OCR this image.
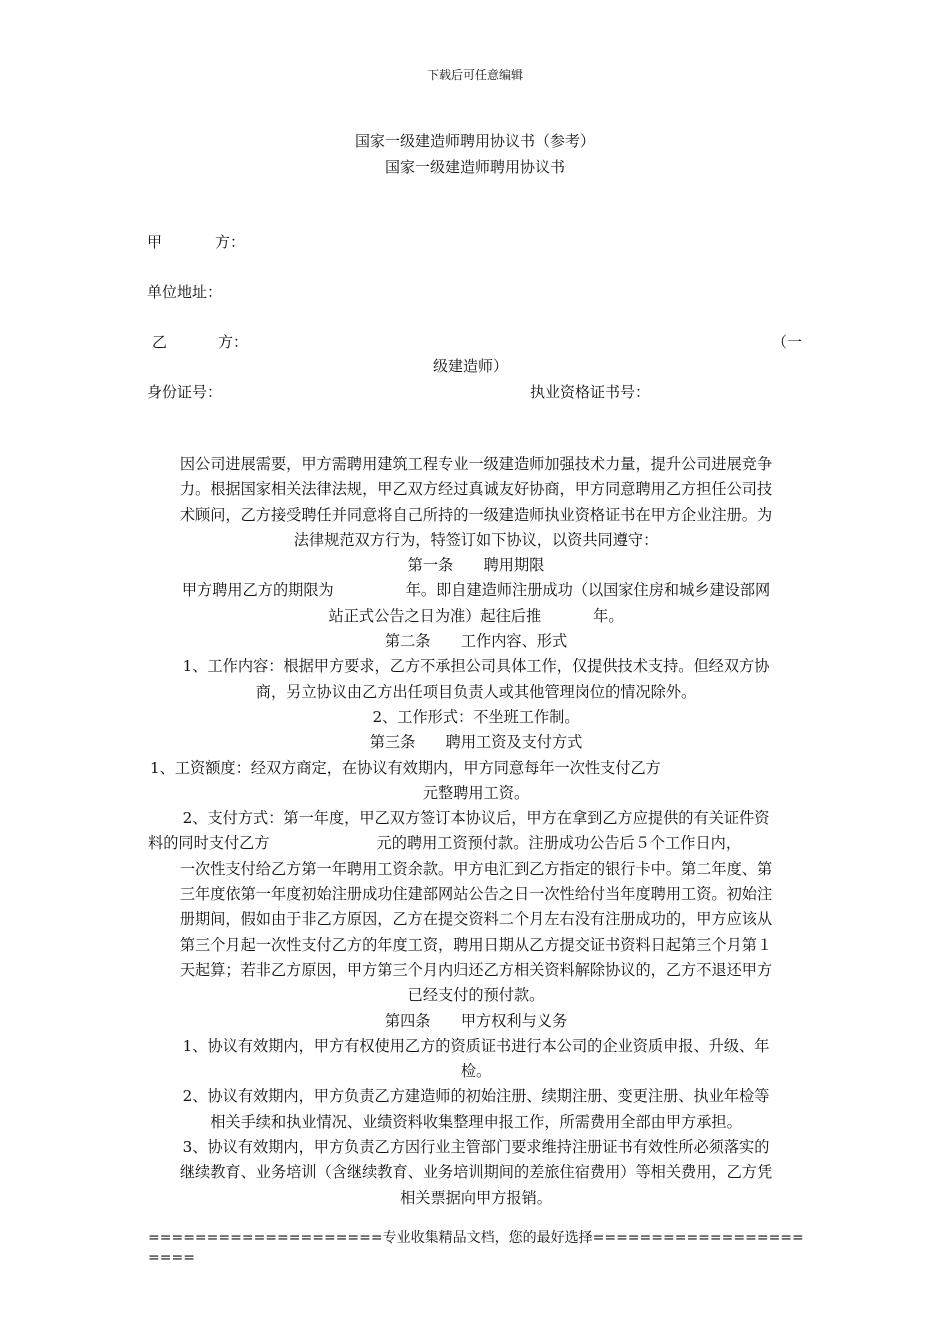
下载后可任意编辑
国家一级建造师聘用协议书（参考）
国家一级建造师聘用协议书
甲	方：
单位地址：
乙	方：	（一
级建造师）
身份证号：	执业资格证书号：

因公司进展需要，甲方需聘用建筑工程专业一级建造师加强技术力量，提升公司进展竞争

力。根据国家相关法律法规，甲乙双方经过真诚友好协商，甲方同意聘用乙方担任公司技

术顾问，乙方接受聘任并同意将自己所持的一级建造师执业资格证书在甲方企业注册。为

法律规范双方行为，特签订如下协议，以资共同遵守：

第一条　　聘用期限

甲方聘用乙方的期限为	年。即自建造师注册成功（以国家住房和城乡建设部网

站正式公告之日为准）起往后推	年。

第二条　　工作内容、形式

1、工作内容：根据甲方要求，乙方不承担公司具体工作，仅提供技术支持。但经双方协

商，另立协议由乙方出任项目负责人或其他管理岗位的情况除外。

2、工作形式：不坐班工作制。

第三条　　聘用工资及支付方式

1、工资额度：经双方商定，在协议有效期内，甲方同意每年一次性支付乙方

元整聘用工资。

2、支付方式：第一年度，甲乙双方签订本协议后，甲方在拿到乙方应提供的有关证件资

料的同时支付乙方	元的聘用工资预付款。注册成功公告后５个工作日内，

一次性支付给乙方第一年聘用工资余款。甲方电汇到乙方指定的银行卡中。第二年度、第

三年度依第一年度初始注册成功住建部网站公告之日一次性给付当年度聘用工资。初始注

册期间，假如由于非乙方原因，乙方在提交资料二个月左右没有注册成功的，甲方应该从

第三个月起一次性支付乙方的年度工资，聘用日期从乙方提交证书资料日起第三个月第１

天起算；若非乙方原因，甲方第三个月内归还乙方相关资料解除协议的，乙方不退还甲方

已经支付的预付款。

第四条　　甲方权利与义务

1、协议有效期内，甲方有权使用乙方的资质证书进行本公司的企业资质申报、升级、年

检。

2、协议有效期内，甲方负责乙方建造师的初始注册、续期注册、变更注册、执业年检等

相关手续和执业情况、业绩资料收集整理申报工作，所需费用全部由甲方承担。

3、协议有效期内，甲方负责乙方因行业主管部门要求维持注册证书有效性所必须落实的

继续教育、业务培训（含继续教育、业务培训期间的差旅住宿费用）等相关费用，乙方凭

相关票据向甲方报销。

====================专业收集精品文档，您的最好选择======================
